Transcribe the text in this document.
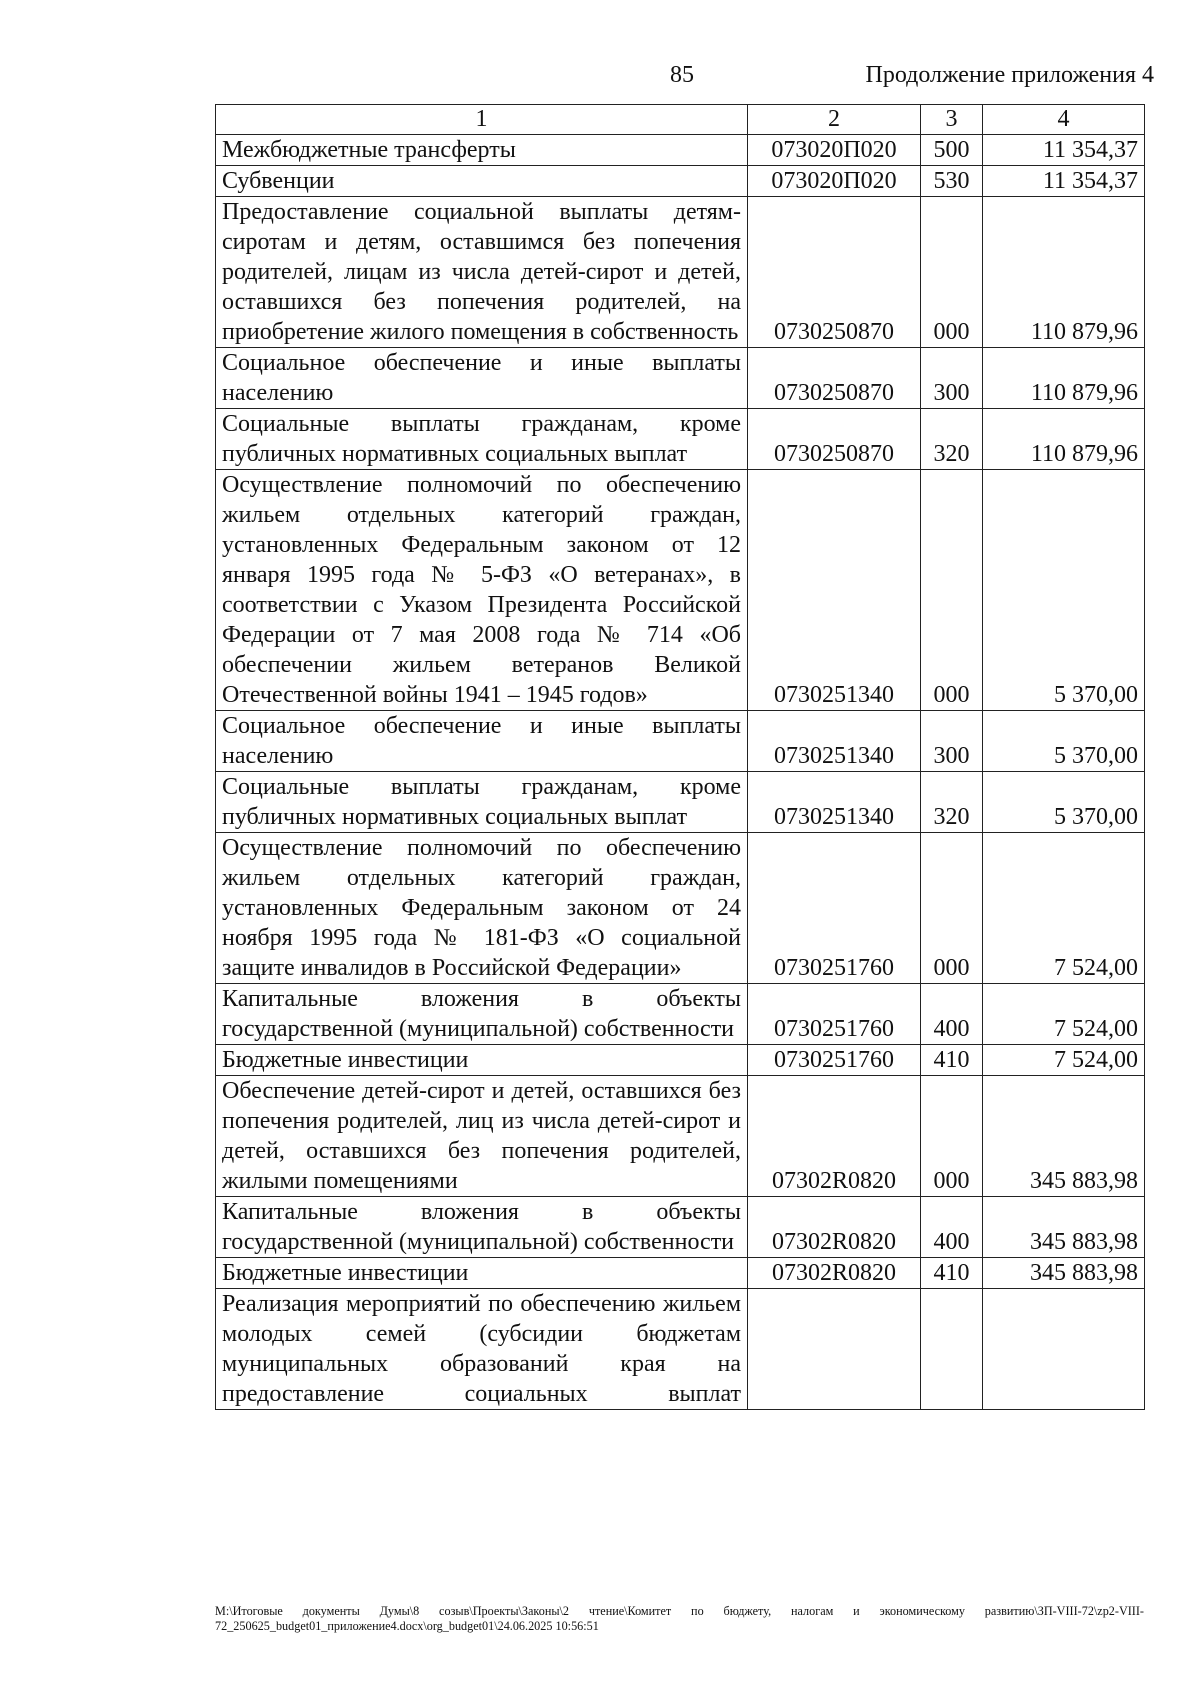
85	Продолжение приложения 4
1	2	3	4
Межбюджетные трансферты	073020П020	500	11 354,37
Субвенции	073020П020	530	11 354,37
Предоставление социальной выплаты детям-сиротам и детям, оставшимся без попечения родителей, лицам из числа детей-сирот и детей, оставшихся без попечения родителей, на приобретение жилого помещения в собственность	0730250870	000	110 879,96
Социальное обеспечение и иные выплаты населению	0730250870	300	110 879,96
Социальные выплаты гражданам, кроме публичных нормативных социальных выплат	0730250870	320	110 879,96
Осуществление полномочий по обеспечению жильем отдельных категорий граждан, установленных Федеральным законом от 12 января 1995 года № 5-ФЗ «О ветеранах», в соответствии с Указом Президента Российской Федерации от 7 мая 2008 года № 714 «Об обеспечении жильем ветеранов Великой Отечественной войны 1941 – 1945 годов»	0730251340	000	5 370,00
Социальное обеспечение и иные выплаты населению	0730251340	300	5 370,00
Социальные выплаты гражданам, кроме публичных нормативных социальных выплат	0730251340	320	5 370,00
Осуществление полномочий по обеспечению жильем отдельных категорий граждан, установленных Федеральным законом от 24 ноября 1995 года № 181-ФЗ «О социальной защите инвалидов в Российской Федерации»	0730251760	000	7 524,00
Капитальные вложения в объекты государственной (муниципальной) собственности	0730251760	400	7 524,00
Бюджетные инвестиции	0730251760	410	7 524,00
Обеспечение детей-сирот и детей, оставшихся без попечения родителей, лиц из числа детей-сирот и детей, оставшихся без попечения родителей, жилыми помещениями	07302R0820	000	345 883,98
Капитальные вложения в объекты государственной (муниципальной) собственности	07302R0820	400	345 883,98
Бюджетные инвестиции	07302R0820	410	345 883,98
Реализация мероприятий по обеспечению жильем молодых семей (субсидии бюджетам муниципальных образований края на предоставление социальных выплат			
M:\Итоговые документы Думы\8 созыв\Проекты\Законы\2 чтение\Комитет по бюджету, налогам и экономическому развитию\ЗП-VIII-72\zp2-VIII-72_250625_budget01_приложение4.docx\org_budget01\24.06.2025 10:56:51
